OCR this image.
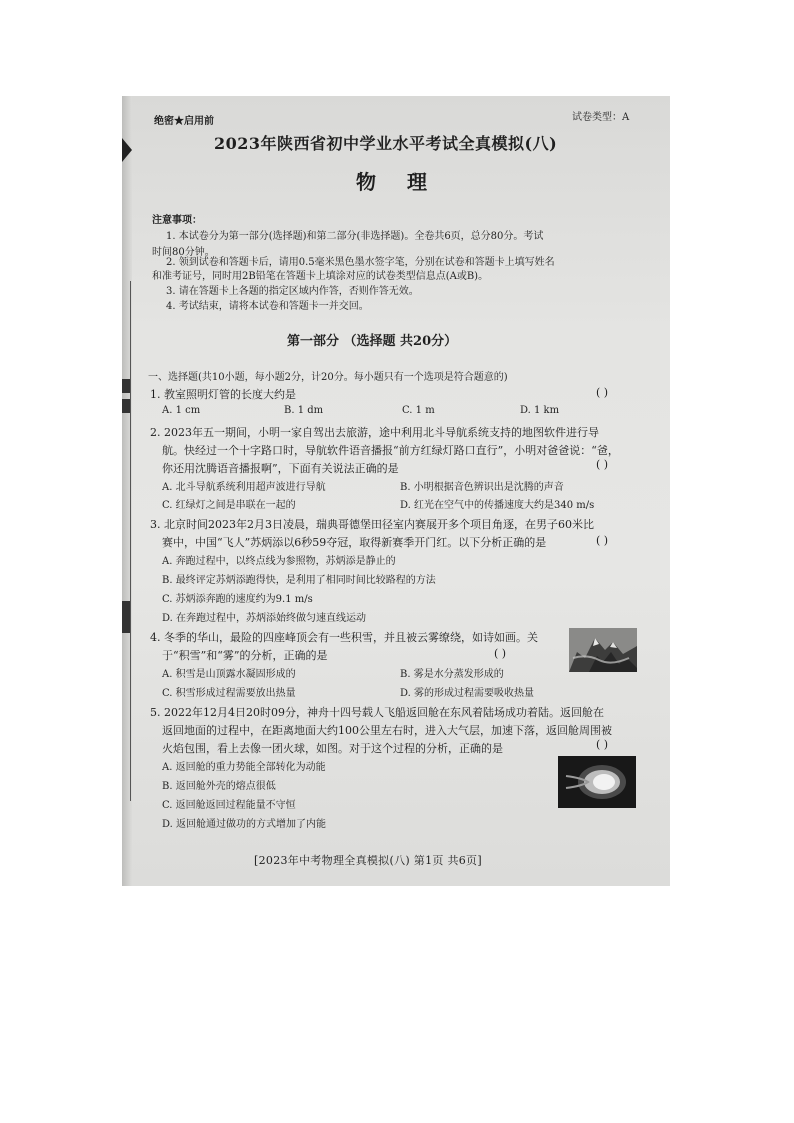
绝密★启用前	试卷类型：A
2023年陕西省初中学业水平考试全真模拟(八)
物 理
注意事项：
1. 本试卷分为第一部分(选择题)和第二部分(非选择题)。全卷共6页，总分80分。考试
时间80分钟。
2. 领到试卷和答题卡后，请用0.5毫米黑色墨水签字笔，分别在试卷和答题卡上填写姓名
和准考证号，同时用2B铅笔在答题卡上填涂对应的试卷类型信息点(A或B)。
3. 请在答题卡上各题的指定区域内作答，否则作答无效。
4. 考试结束，请将本试卷和答题卡一并交回。
第一部分 （选择题 共20分）
一、选择题(共10小题，每小题2分，计20分。每小题只有一个选项是符合题意的)
1. 教室照明灯管的长度大约是	( )
A. 1 cm	B. 1 dm	C. 1 m	D. 1 km
2. 2023年五一期间，小明一家自驾出去旅游，途中利用北斗导航系统支持的地图软件进行导
航。快经过一个十字路口时，导航软件语音播报“前方红绿灯路口直行”，小明对爸爸说：“爸，
你还用沈腾语音播报啊”，下面有关说法正确的是	( )
A. 北斗导航系统利用超声波进行导航	B. 小明根据音色辨识出是沈腾的声音
C. 红绿灯之间是串联在一起的	D. 红光在空气中的传播速度大约是340 m/s
3. 北京时间2023年2月3日凌晨，瑞典哥德堡田径室内赛展开多个项目角逐，在男子60米比
赛中，中国“飞人”苏炳添以6秒59夺冠，取得新赛季开门红。以下分析正确的是	( )
A. 奔跑过程中，以终点线为参照物，苏炳添是静止的
B. 最终评定苏炳添跑得快，是利用了相同时间比较路程的方法
C. 苏炳添奔跑的速度约为9.1 m/s
D. 在奔跑过程中，苏炳添始终做匀速直线运动
4. 冬季的华山，最险的四座峰顶会有一些积雪，并且被云雾缭绕，如诗如画。关
于“积雪”和“雾”的分析，正确的是	( )
A. 积雪是山顶露水凝固形成的	B. 雾是水分蒸发形成的
C. 积雪形成过程需要放出热量	D. 雾的形成过程需要吸收热量
5. 2022年12月4日20时09分，神舟十四号载人飞船返回舱在东风着陆场成功着陆。返回舱在
返回地面的过程中，在距离地面大约100公里左右时，进入大气层，加速下落，返回舱周围被
火焰包围，看上去像一团火球，如图。对于这个过程的分析，正确的是	( )
A. 返回舱的重力势能全部转化为动能
B. 返回舱外壳的熔点很低
C. 返回舱返回过程能量不守恒
D. 返回舱通过做功的方式增加了内能
[2023年中考物理全真模拟(八) 第1页 共6页]
